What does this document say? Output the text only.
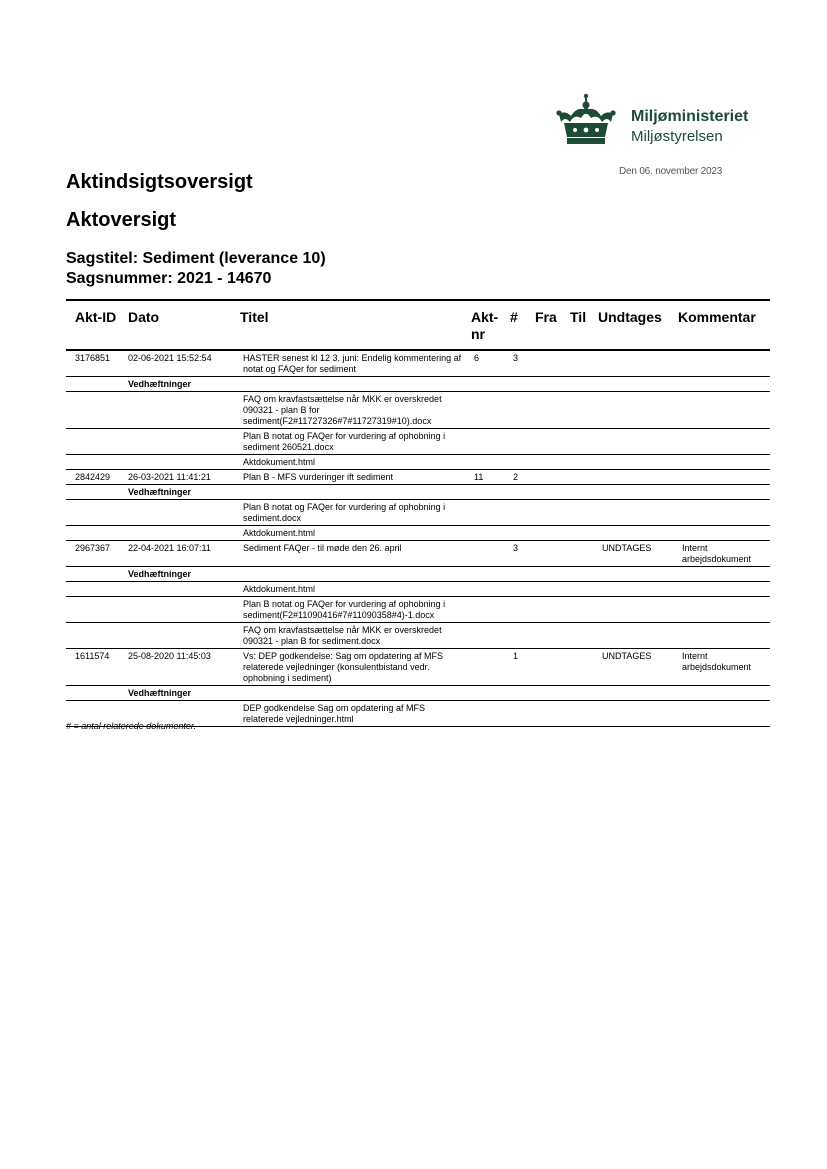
Miljøministeriet
Miljøstyrelsen
Den 06. november 2023
Aktindsigtsoversigt
Aktoversigt
Sagstitel: Sediment (leverance 10)
Sagsnummer: 2021 - 14670
Akt-ID	Dato	Titel	Akt-nr	#	Fra	Til	Undtages	Kommentar
3176851	02-06-2021 15:52:54	HASTER senest kl 12 3. juni: Endelig kommentering af notat og FAQer for sediment	6	3				
	Vedhæftninger							
		FAQ om kravfastsættelse når MKK er overskredet 090321 - plan B for sediment(F2#11727326#7#11727319#10).docx						
		Plan B notat og FAQer for vurdering af ophobning i sediment 260521.docx						
		Aktdokument.html						
2842429	26-03-2021 11:41:21	Plan B - MFS vurderinger ift sediment	11	2				
	Vedhæftninger							
		Plan B notat og FAQer for vurdering af ophobning i sediment.docx						
		Aktdokument.html						
2967367	22-04-2021 16:07:11	Sediment FAQer - til møde den 26. april		3			UNDTAGES	Internt arbejdsdokument
	Vedhæftninger							
		Aktdokument.html						
		Plan B notat og FAQer for vurdering af ophobning i sediment(F2#11090416#7#11090358#4)-1.docx						
		FAQ om kravfastsættelse når MKK er overskredet 090321 - plan B for sediment.docx						
1611574	25-08-2020 11:45:03	Vs: DEP godkendelse: Sag om opdatering af MFS relaterede vejledninger (konsulentbistand vedr. ophobning i sediment)		1			UNDTAGES	Internt arbejdsdokument
	Vedhæftninger							
		DEP godkendelse Sag om opdatering af MFS relaterede vejledninger.html						
# = antal relaterede dokumenter.
